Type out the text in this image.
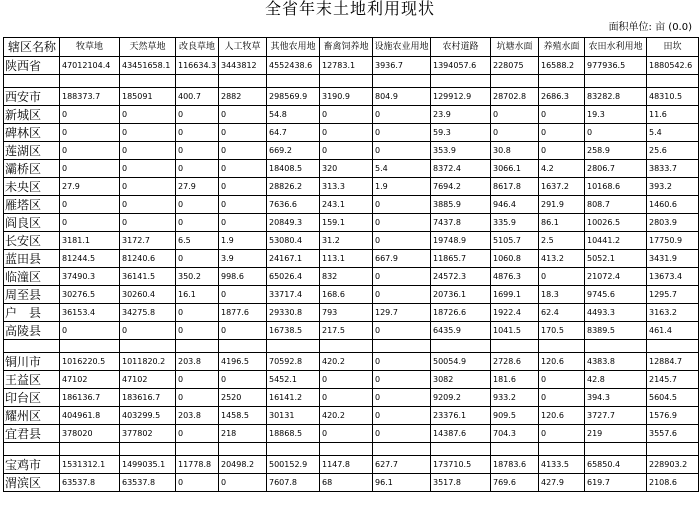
全省年末土地利用现状
面积单位: 亩 (0.0)
辖区名称	牧草地	天然草地	改良草地	人工牧草	其他农用地	畜禽饲养地	设施农业用地	农村道路	坑塘水面	养殖水面	农田水利用地	田坎
陕西省	47012104.4	43451658.1	116634.3	3443812	4552438.6	12783.1	3936.7	1394057.6	228075	16588.2	977936.5	1880542.6

西安市	188373.7	185091	400.7	2882	298569.9	3190.9	804.9	129912.9	28702.8	2686.3	83282.8	48310.5
新城区	0	0	0	0	54.8	0	0	23.9	0	0	19.3	11.6
碑林区	0	0	0	0	64.7	0	0	59.3	0	0	0	5.4
莲湖区	0	0	0	0	669.2	0	0	353.9	30.8	0	258.9	25.6
灞桥区	0	0	0	0	18408.5	320	5.4	8372.4	3066.1	4.2	2806.7	3833.7
未央区	27.9	0	27.9	0	28826.2	313.3	1.9	7694.2	8617.8	1637.2	10168.6	393.2
雁塔区	0	0	0	0	7636.6	243.1	0	3885.9	946.4	291.9	808.7	1460.6
阎良区	0	0	0	0	20849.3	159.1	0	7437.8	335.9	86.1	10026.5	2803.9
长安区	3181.1	3172.7	6.5	1.9	53080.4	31.2	0	19748.9	5105.7	2.5	10441.2	17750.9
蓝田县	81244.5	81240.6	0	3.9	24167.1	113.1	667.9	11865.7	1060.8	413.2	5052.1	3431.9
临潼区	37490.3	36141.5	350.2	998.6	65026.4	832	0	24572.3	4876.3	0	21072.4	13673.4
周至县	30276.5	30260.4	16.1	0	33717.4	168.6	0	20736.1	1699.1	18.3	9745.6	1295.7
户　县	36153.4	34275.8	0	1877.6	29330.8	793	129.7	18726.6	1922.4	62.4	4493.3	3163.2
高陵县	0	0	0	0	16738.5	217.5	0	6435.9	1041.5	170.5	8389.5	461.4

铜川市	1016220.5	1011820.2	203.8	4196.5	70592.8	420.2	0	50054.9	2728.6	120.6	4383.8	12884.7
王益区	47102	47102	0	0	5452.1	0	0	3082	181.6	0	42.8	2145.7
印台区	186136.7	183616.7	0	2520	16141.2	0	0	9209.2	933.2	0	394.3	5604.5
耀州区	404961.8	403299.5	203.8	1458.5	30131	420.2	0	23376.1	909.5	120.6	3727.7	1576.9
宜君县	378020	377802	0	218	18868.5	0	0	14387.6	704.3	0	219	3557.6

宝鸡市	1531312.1	1499035.1	11778.8	20498.2	500152.9	1147.8	627.7	173710.5	18783.6	4133.5	65850.4	228903.2
渭滨区	63537.8	63537.8	0	0	7607.8	68	96.1	3517.8	769.6	427.9	619.7	2108.6
